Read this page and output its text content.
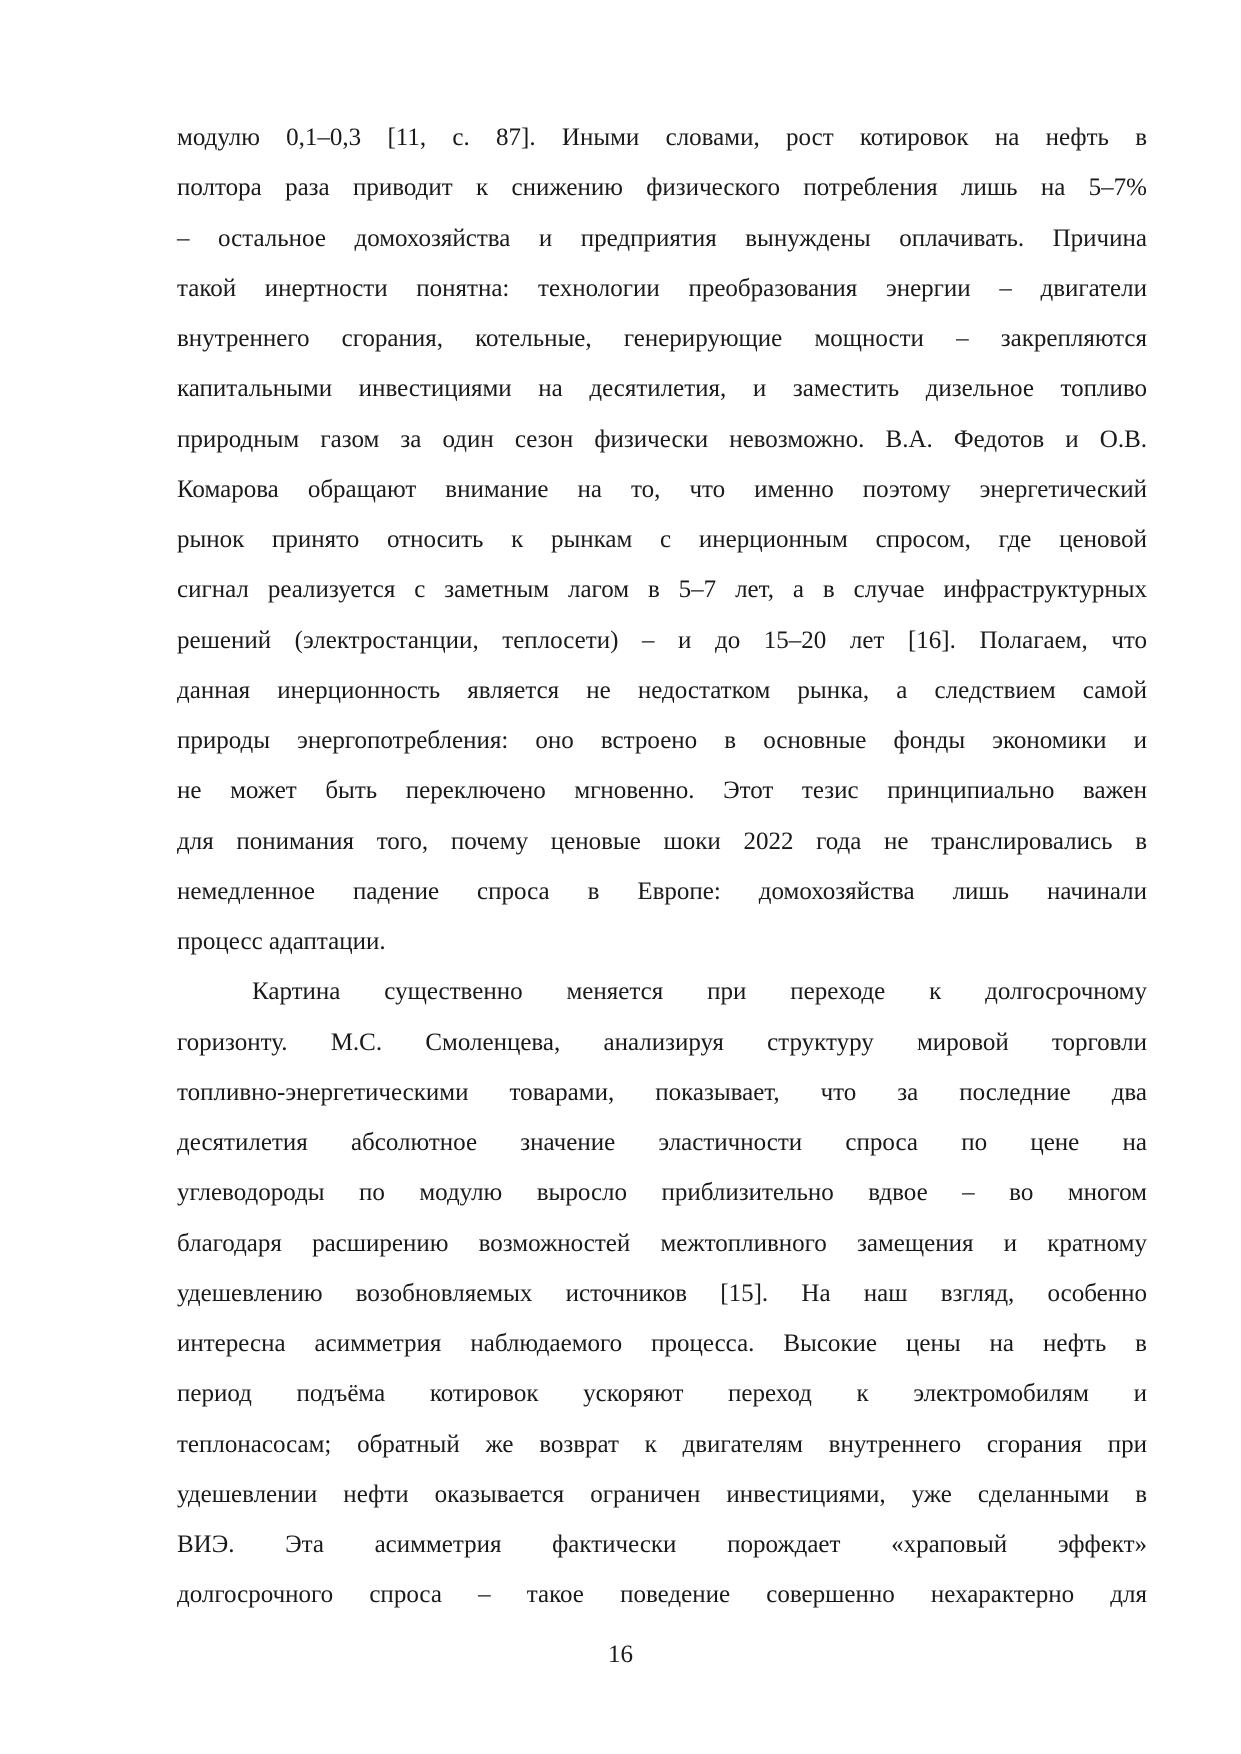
модулю 0,1–0,3 [11, с. 87]. Иными словами, рост котировок на нефть в
полтора раза приводит к снижению физического потребления лишь на 5–7%
– остальное домохозяйства и предприятия вынуждены оплачивать. Причина
такой инертности понятна: технологии преобразования энергии – двигатели
внутреннего сгорания, котельные, генерирующие мощности – закрепляются
капитальными инвестициями на десятилетия, и заместить дизельное топливо
природным газом за один сезон физически невозможно. В.А. Федотов и О.В.
Комарова обращают внимание на то, что именно поэтому энергетический
рынок принято относить к рынкам с инерционным спросом, где ценовой
сигнал реализуется с заметным лагом в 5–7 лет, а в случае инфраструктурных
решений (электростанции, теплосети) – и до 15–20 лет [16]. Полагаем, что
данная инерционность является не недостатком рынка, а следствием самой
природы энергопотребления: оно встроено в основные фонды экономики и
не может быть переключено мгновенно. Этот тезис принципиально важен
для понимания того, почему ценовые шоки 2022 года не транслировались в
немедленное падение спроса в Европе: домохозяйства лишь начинали
процесс адаптации.
Картина существенно меняется при переходе к долгосрочному
горизонту. М.С. Смоленцева, анализируя структуру мировой торговли
топливно-энергетическими товарами, показывает, что за последние два
десятилетия абсолютное значение эластичности спроса по цене на
углеводороды по модулю выросло приблизительно вдвое – во многом
благодаря расширению возможностей межтопливного замещения и кратному
удешевлению возобновляемых источников [15]. На наш взгляд, особенно
интересна асимметрия наблюдаемого процесса. Высокие цены на нефть в
период подъёма котировок ускоряют переход к электромобилям и
теплонасосам; обратный же возврат к двигателям внутреннего сгорания при
удешевлении нефти оказывается ограничен инвестициями, уже сделанными в
ВИЭ. Эта асимметрия фактически порождает «храповый эффект»
долгосрочного спроса – такое поведение совершенно нехарактерно для
16
